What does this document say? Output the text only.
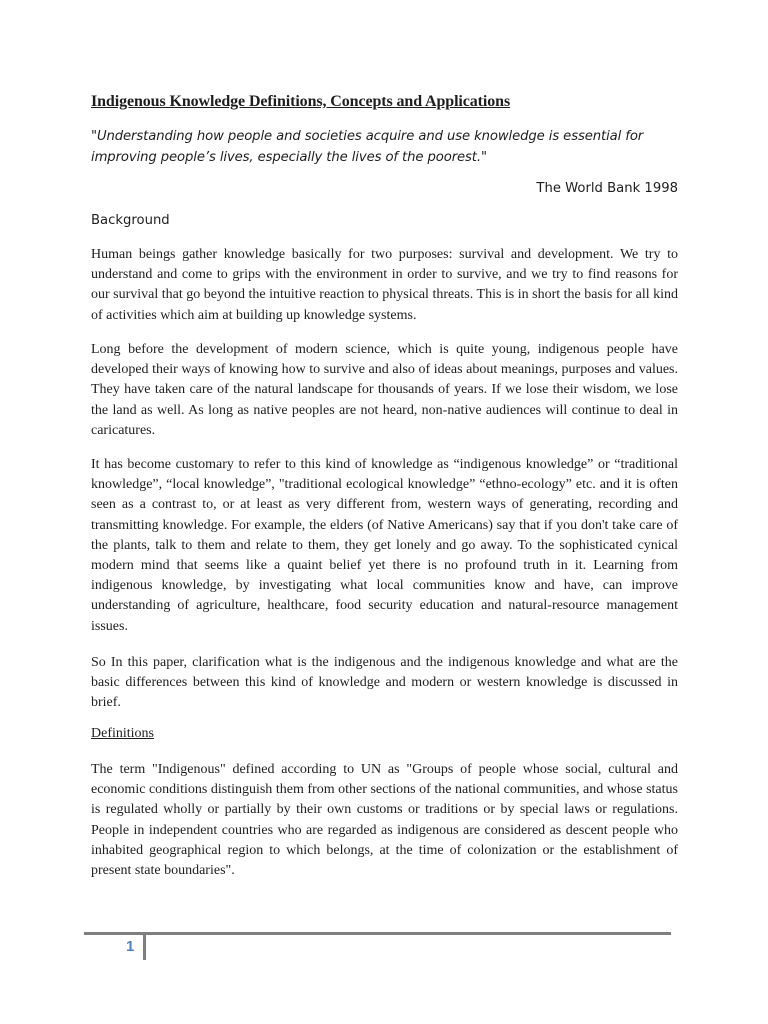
Indigenous Knowledge Definitions, Concepts and Applications
"Understanding how people and societies acquire and use knowledge is essential for improving people’s lives, especially the lives of the poorest."
The World Bank 1998
Background

Human beings gather knowledge basically for two purposes: survival and development. We try to understand and come to grips with the environment in order to survive, and we try to find reasons for our survival that go beyond the intuitive reaction to physical threats. This is in short the basis for all kind of activities which aim at building up knowledge systems.

Long before the development of modern science, which is quite young, indigenous people have developed their ways of knowing how to survive and also of ideas about meanings, purposes and values. They have taken care of the natural landscape for thousands of years. If we lose their wisdom, we lose the land as well. As long as native peoples are not heard, non-native audiences will continue to deal in caricatures.

It has become customary to refer to this kind of knowledge as “indigenous knowledge” or “traditional knowledge”, “local knowledge”, "traditional ecological knowledge” “ethno-ecology” etc. and it is often seen as a contrast to, or at least as very different from, western ways of generating, recording and transmitting knowledge. For example, the elders (of Native Americans) say that if you don't take care of the plants, talk to them and relate to them, they get lonely and go away. To the sophisticated cynical modern mind that seems like a quaint belief yet there is no profound truth in it. Learning from indigenous knowledge, by investigating what local communities know and have, can improve understanding of agriculture, healthcare, food security education and natural-resource management issues.

So In this paper, clarification what is the indigenous and the indigenous knowledge and what are the basic differences between this kind of knowledge and modern or western knowledge is discussed in brief.

Definitions

The term "Indigenous" defined according to UN as "Groups of people whose social, cultural and economic conditions distinguish them from other sections of the national communities, and whose status is regulated wholly or partially by their own customs or traditions or by special laws or regulations. People in independent countries who are regarded as indigenous are considered as descent people who inhabited geographical region to which belongs, at the time of colonization or the establishment of present state boundaries".

1
